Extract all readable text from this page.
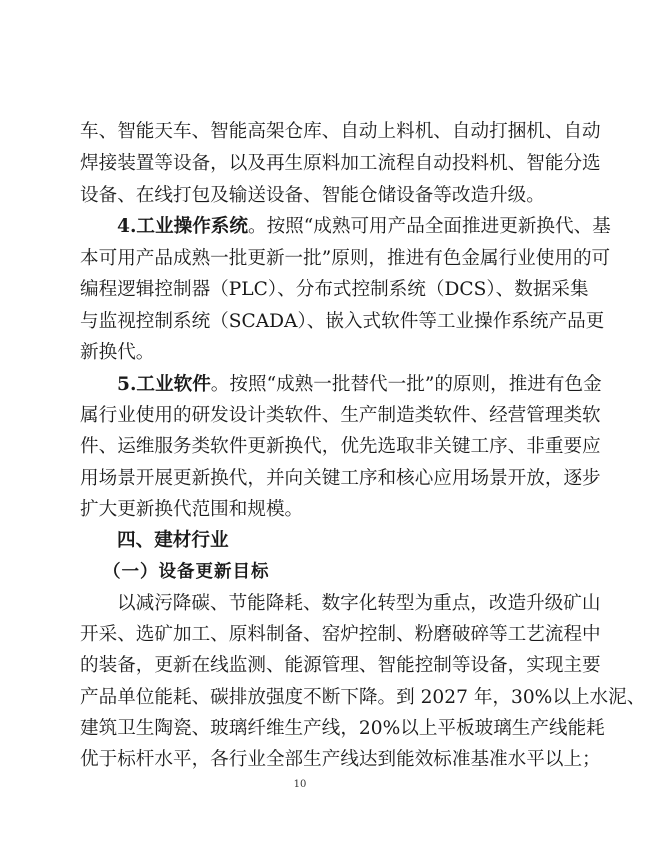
车、智能天车、智能高架仓库、自动上料机、自动打捆机、自动
焊接装置等设备，以及再生原料加工流程自动投料机、智能分选
设备、在线打包及输送设备、智能仓储设备等改造升级。
4.工业操作系统。按照“成熟可用产品全面推进更新换代、基
本可用产品成熟一批更新一批”原则，推进有色金属行业使用的可
编程逻辑控制器（PLC）、分布式控制系统（DCS）、数据采集
与监视控制系统（SCADA）、嵌入式软件等工业操作系统产品更
新换代。
5.工业软件。按照“成熟一批替代一批”的原则，推进有色金
属行业使用的研发设计类软件、生产制造类软件、经营管理类软
件、运维服务类软件更新换代，优先选取非关键工序、非重要应
用场景开展更新换代，并向关键工序和核心应用场景开放，逐步
扩大更新换代范围和规模。
四、建材行业
（一）设备更新目标
以减污降碳、节能降耗、数字化转型为重点，改造升级矿山
开采、选矿加工、原料制备、窑炉控制、粉磨破碎等工艺流程中
的装备，更新在线监测、能源管理、智能控制等设备，实现主要
产品单位能耗、碳排放强度不断下降。到 2027 年，30%以上水泥、
建筑卫生陶瓷、玻璃纤维生产线，20%以上平板玻璃生产线能耗
优于标杆水平，各行业全部生产线达到能效标准基准水平以上；
10
